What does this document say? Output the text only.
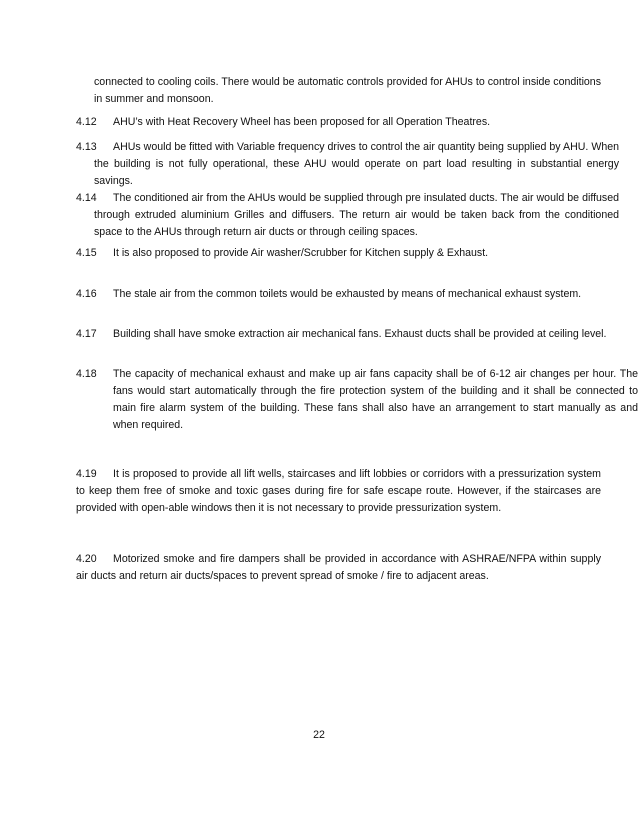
connected to cooling coils. There would be automatic controls provided for AHUs to control inside conditions in summer and monsoon.
4.12 AHU’s with Heat Recovery Wheel has been proposed for all Operation Theatres.
4.13 AHUs would be fitted with Variable frequency drives to control the air quantity being supplied by AHU. When the building is not fully operational, these AHU would operate on part load resulting in substantial energy savings.
4.14 The conditioned air from the AHUs would be supplied through pre insulated ducts. The air would be diffused through extruded aluminium Grilles and diffusers. The return air would be taken back from the conditioned space to the AHUs through return air ducts or through ceiling spaces.
4.15 It is also proposed to provide Air washer/Scrubber for Kitchen supply & Exhaust.
4.16 The stale air from the common toilets would be exhausted by means of mechanical exhaust system.
4.17 Building shall have smoke extraction air mechanical fans. Exhaust ducts shall be provided at ceiling level.
4.18 The capacity of mechanical exhaust and make up air fans capacity shall be of 6-12 air changes per hour. The fans would start automatically through the fire protection system of the building and it shall be connected to main fire alarm system of the building. These fans shall also have an arrangement to start manually as and when required.
4.19 It is proposed to provide all lift wells, staircases and lift lobbies or corridors with a pressurization system to keep them free of smoke and toxic gases during fire for safe escape route. However, if the staircases are provided with open-able windows then it is not necessary to provide pressurization system.
4.20 Motorized smoke and fire dampers shall be provided in accordance with ASHRAE/NFPA within supply air ducts and return air ducts/spaces to prevent spread of smoke / fire to adjacent areas.
22
